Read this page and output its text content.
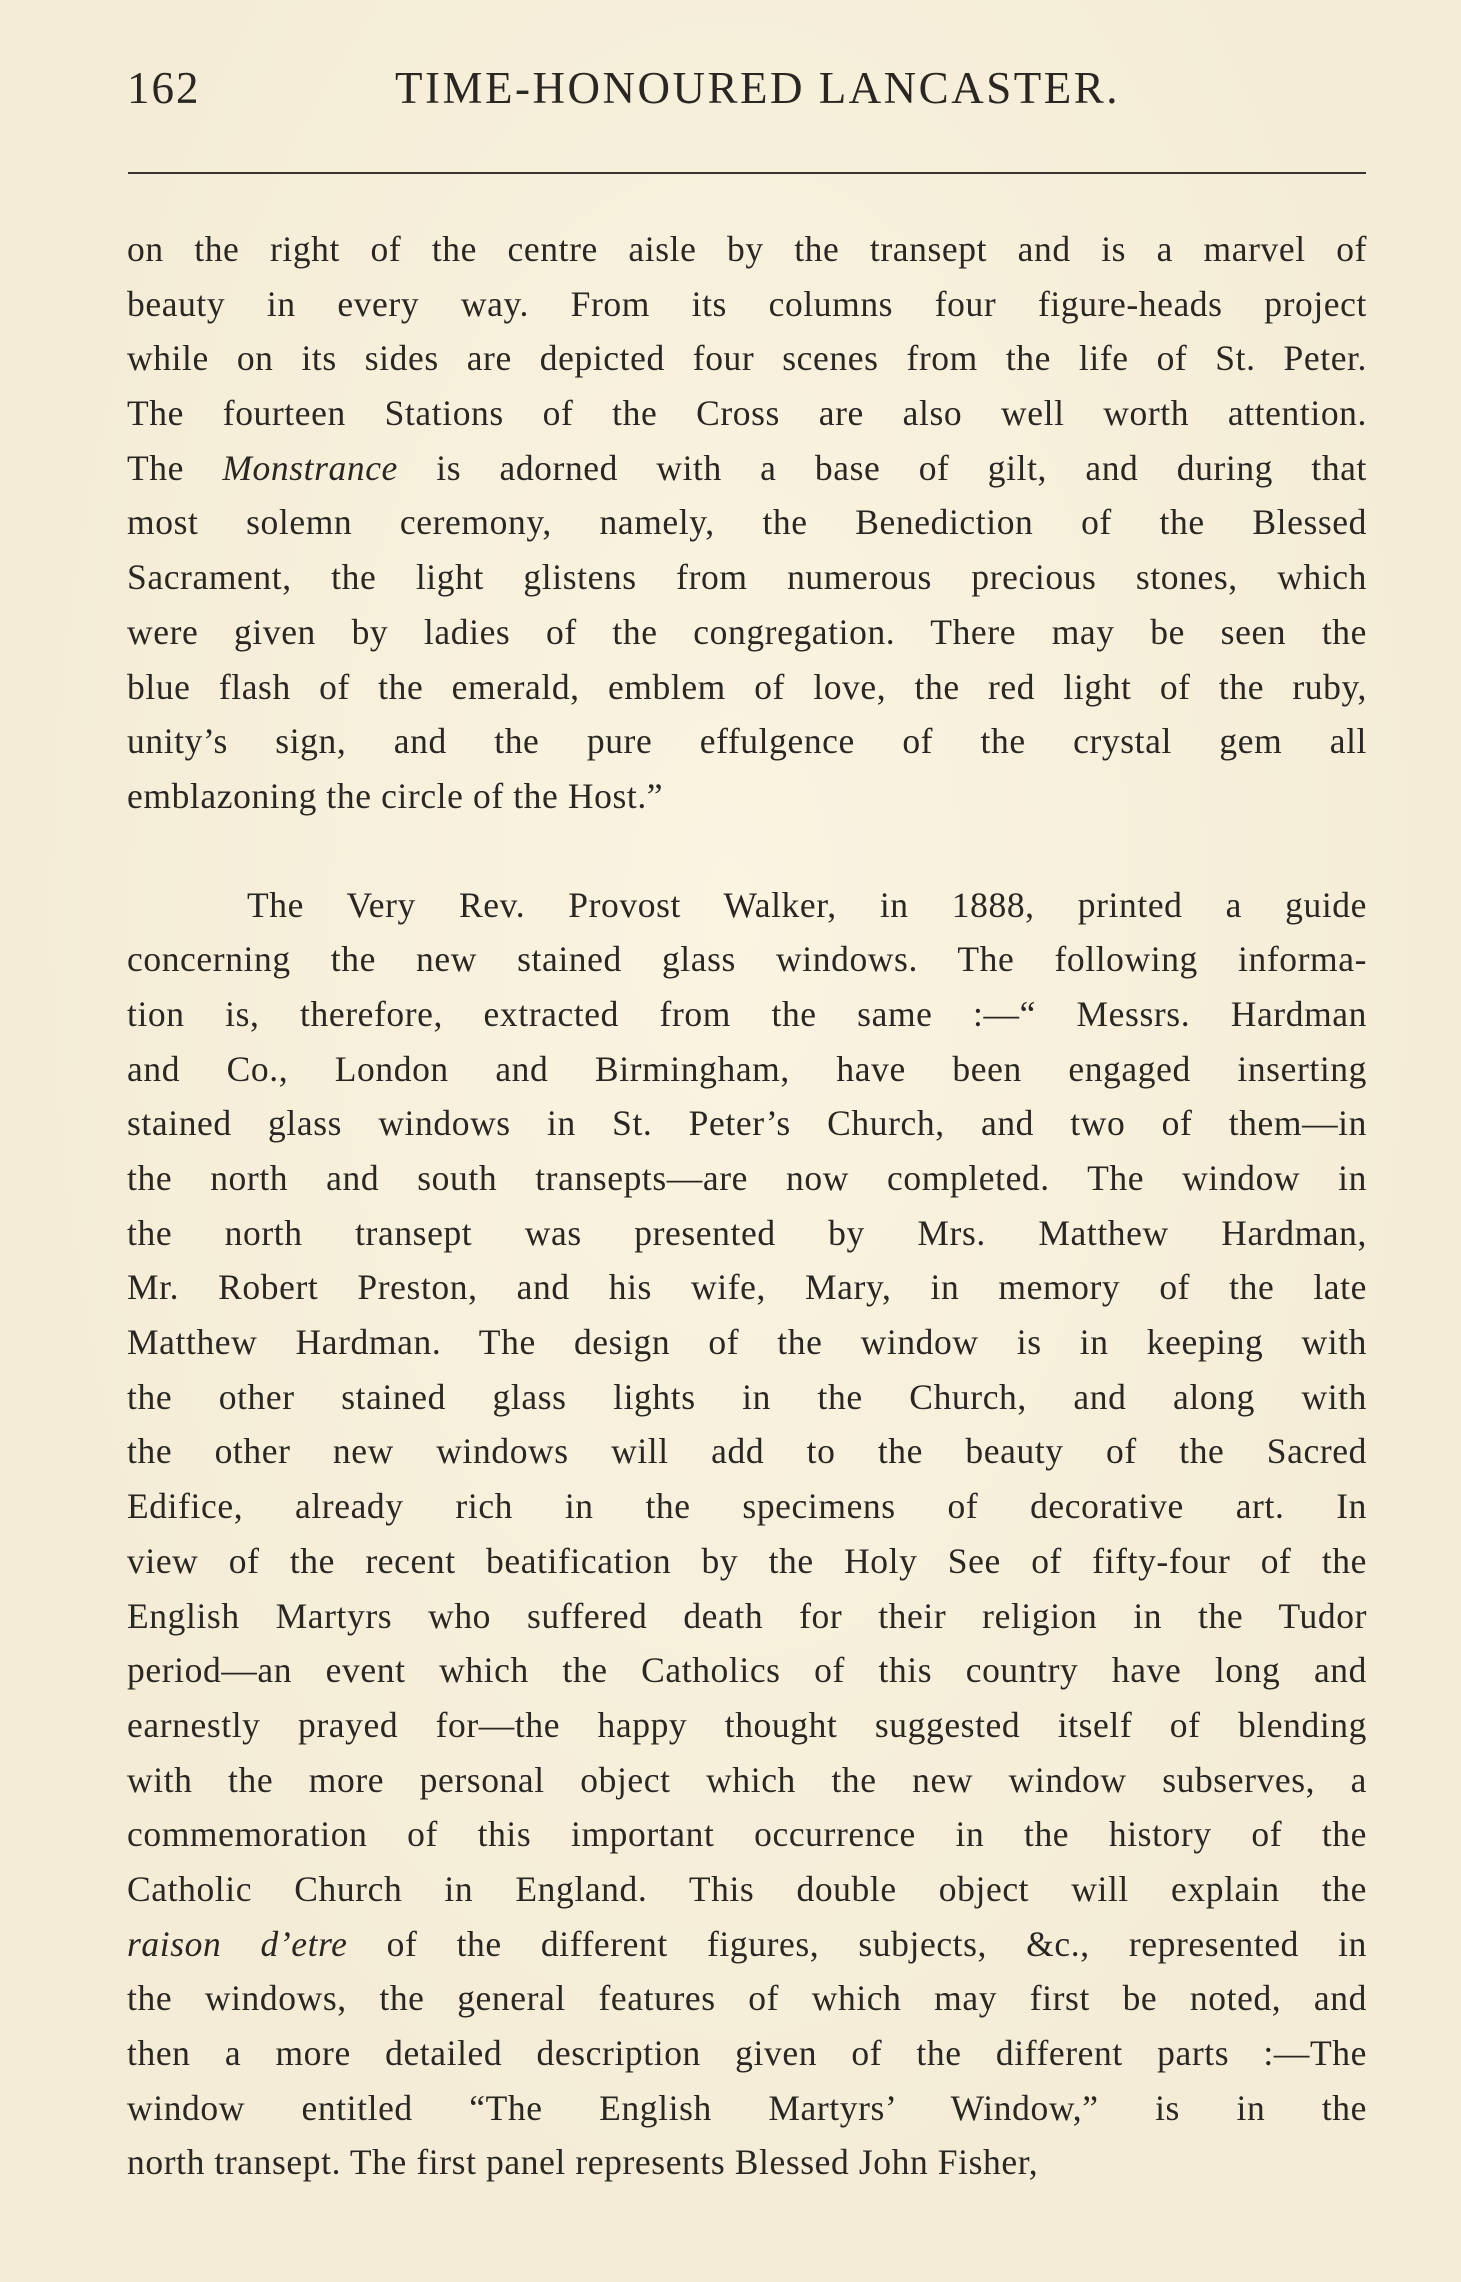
162	TIME-HONOURED LANCASTER.
on the right of the centre aisle by the transept and is a marvel of
beauty in every way. From its columns four figure-heads project
while on its sides are depicted four scenes from the life of St. Peter.
The fourteen Stations of the Cross are also well worth attention.
The Monstrance is adorned with a base of gilt, and during that
most solemn ceremony, namely, the Benediction of the Blessed
Sacrament, the light glistens from numerous precious stones, which
were given by ladies of the congregation. There may be seen the
blue flash of the emerald, emblem of love, the red light of the ruby,
unity’s sign, and the pure effulgence of the crystal gem all
emblazoning the circle of the Host.”
The Very Rev. Provost Walker, in 1888, printed a guide
concerning the new stained glass windows. The following informa-
tion is, therefore, extracted from the same :—“ Messrs. Hardman
and Co., London and Birmingham, have been engaged inserting
stained glass windows in St. Peter’s Church, and two of them—in
the north and south transepts—are now completed. The window in
the north transept was presented by Mrs. Matthew Hardman,
Mr. Robert Preston, and his wife, Mary, in memory of the late
Matthew Hardman. The design of the window is in keeping with
the other stained glass lights in the Church, and along with
the other new windows will add to the beauty of the Sacred
Edifice, already rich in the specimens of decorative art. In
view of the recent beatification by the Holy See of fifty-four of the
English Martyrs who suffered death for their religion in the Tudor
period—an event which the Catholics of this country have long and
earnestly prayed for—the happy thought suggested itself of blending
with the more personal object which the new window subserves, a
commemoration of this important occurrence in the history of the
Catholic Church in England. This double object will explain the
raison d’etre of the different figures, subjects, &c., represented in
the windows, the general features of which may first be noted, and
then a more detailed description given of the different parts :—The
window entitled “The English Martyrs’ Window,” is in the
north transept. The first panel represents Blessed John Fisher,
